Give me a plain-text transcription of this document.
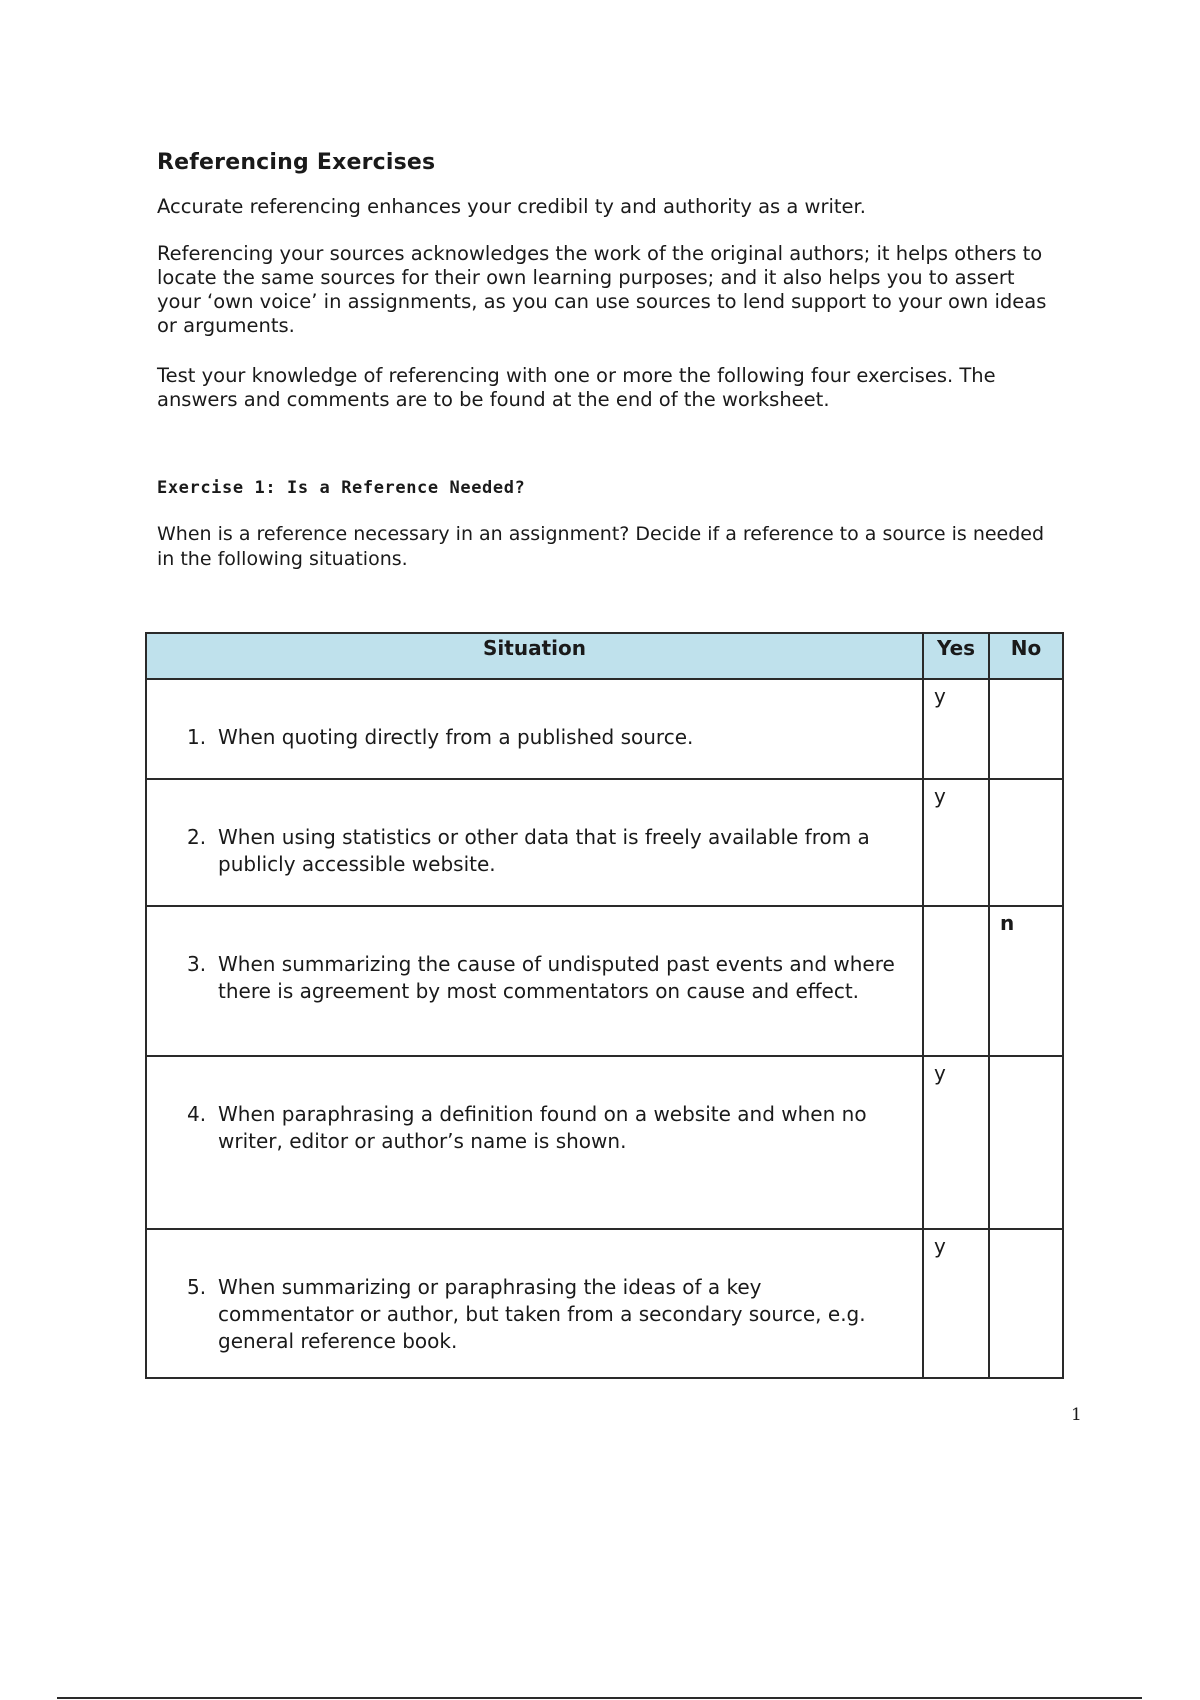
Referencing Exercises
Accurate referencing enhances your credibil ty and authority as a writer.
Referencing your sources acknowledges the work of the original authors; it helps others to locate the same sources for their own learning purposes; and it also helps you to assert your ‘own voice’ in assignments, as you can use sources to lend support to your own ideas or arguments.
Test your knowledge of referencing with one or more the following four exercises. The answers and comments are to be found at the end of the worksheet.
Exercise 1: Is a Reference Needed?
When is a reference necessary in an assignment? Decide if a reference to a source is needed in the following situations.
Situation	Yes	No

1. When quoting directly from a published source.	y	

2. When using statistics or other data that is freely available from a publicly accessible website.	y	

3. When summarizing the cause of undisputed past events and where there is agreement by most commentators on cause and effect.		n

4. When paraphrasing a definition found on a website and when no writer, editor or author’s name is shown.	y	

5. When summarizing or paraphrasing the ideas of a key commentator or author, but taken from a secondary source, e.g. general reference book.	y	
1
